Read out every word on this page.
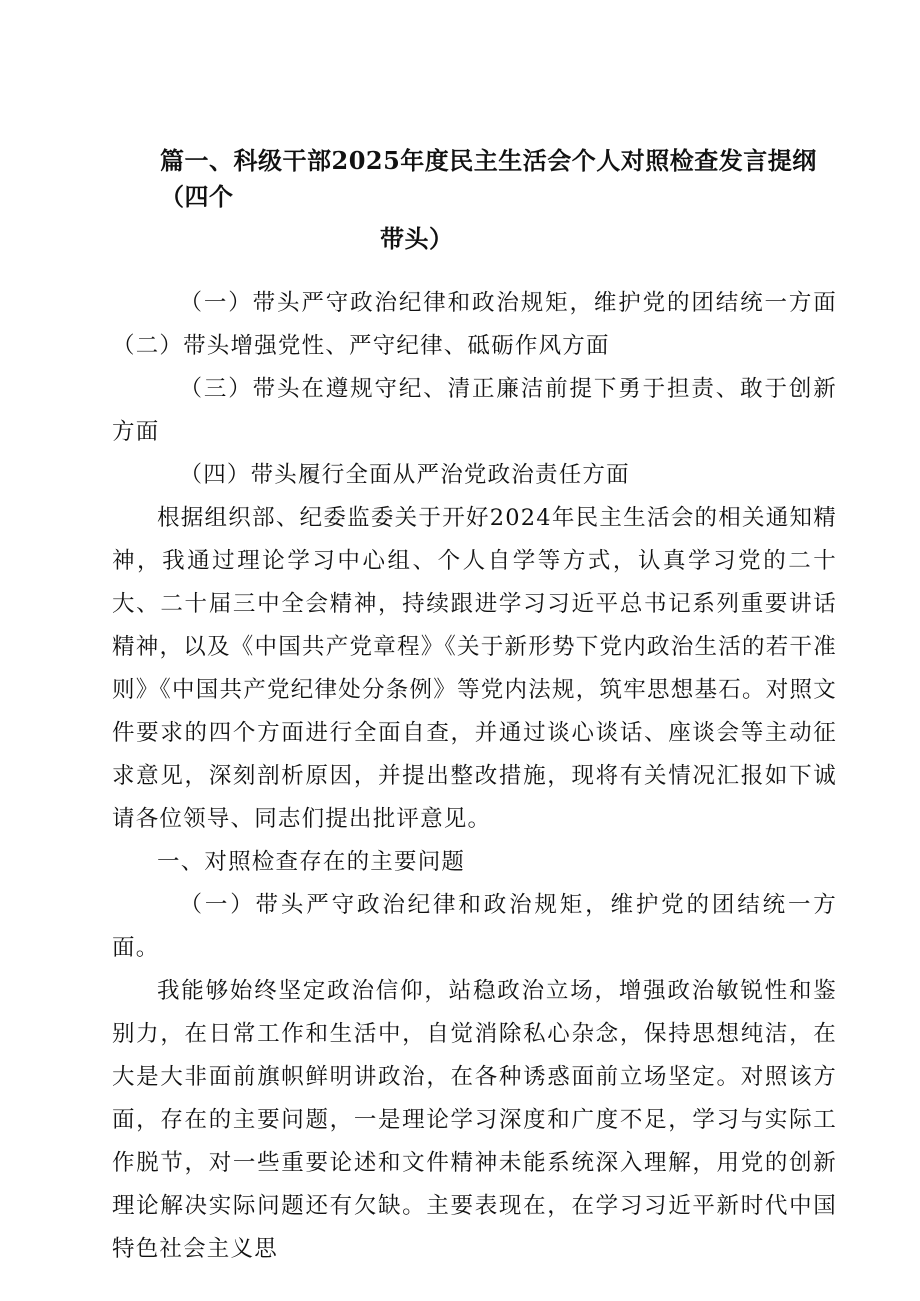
篇一、科级干部2025年度民主生活会个人对照检查发言提纲（四个
带头）

（一）带头严守政治纪律和政治规矩，维护党的团结统一方面（二）带头增强党性、严守纪律、砥砺作风方面

（三）带头在遵规守纪、清正廉洁前提下勇于担责、敢于创新方面

（四）带头履行全面从严治党政治责任方面

根据组织部、纪委监委关于开好2024年民主生活会的相关通知精神，我通过理论学习中心组、个人自学等方式，认真学习党的二十大、二十届三中全会精神，持续跟进学习习近平总书记系列重要讲话精神，以及《中国共产党章程》《关于新形势下党内政治生活的若干准则》《中国共产党纪律处分条例》等党内法规，筑牢思想基石。对照文件要求的四个方面进行全面自查，并通过谈心谈话、座谈会等主动征求意见，深刻剖析原因，并提出整改措施，现将有关情况汇报如下诚请各位领导、同志们提出批评意见。

一、对照检查存在的主要问题

（一）带头严守政治纪律和政治规矩，维护党的团结统一方面。

我能够始终坚定政治信仰，站稳政治立场，增强政治敏锐性和鉴别力，在日常工作和生活中，自觉消除私心杂念，保持思想纯洁，在大是大非面前旗帜鲜明讲政治，在各种诱惑面前立场坚定。对照该方面，存在的主要问题，一是理论学习深度和广度不足，学习与实际工作脱节，对一些重要论述和文件精神未能系统深入理解，用党的创新理论解决实际问题还有欠缺。主要表现在，在学习习近平新时代中国特色社会主义思
